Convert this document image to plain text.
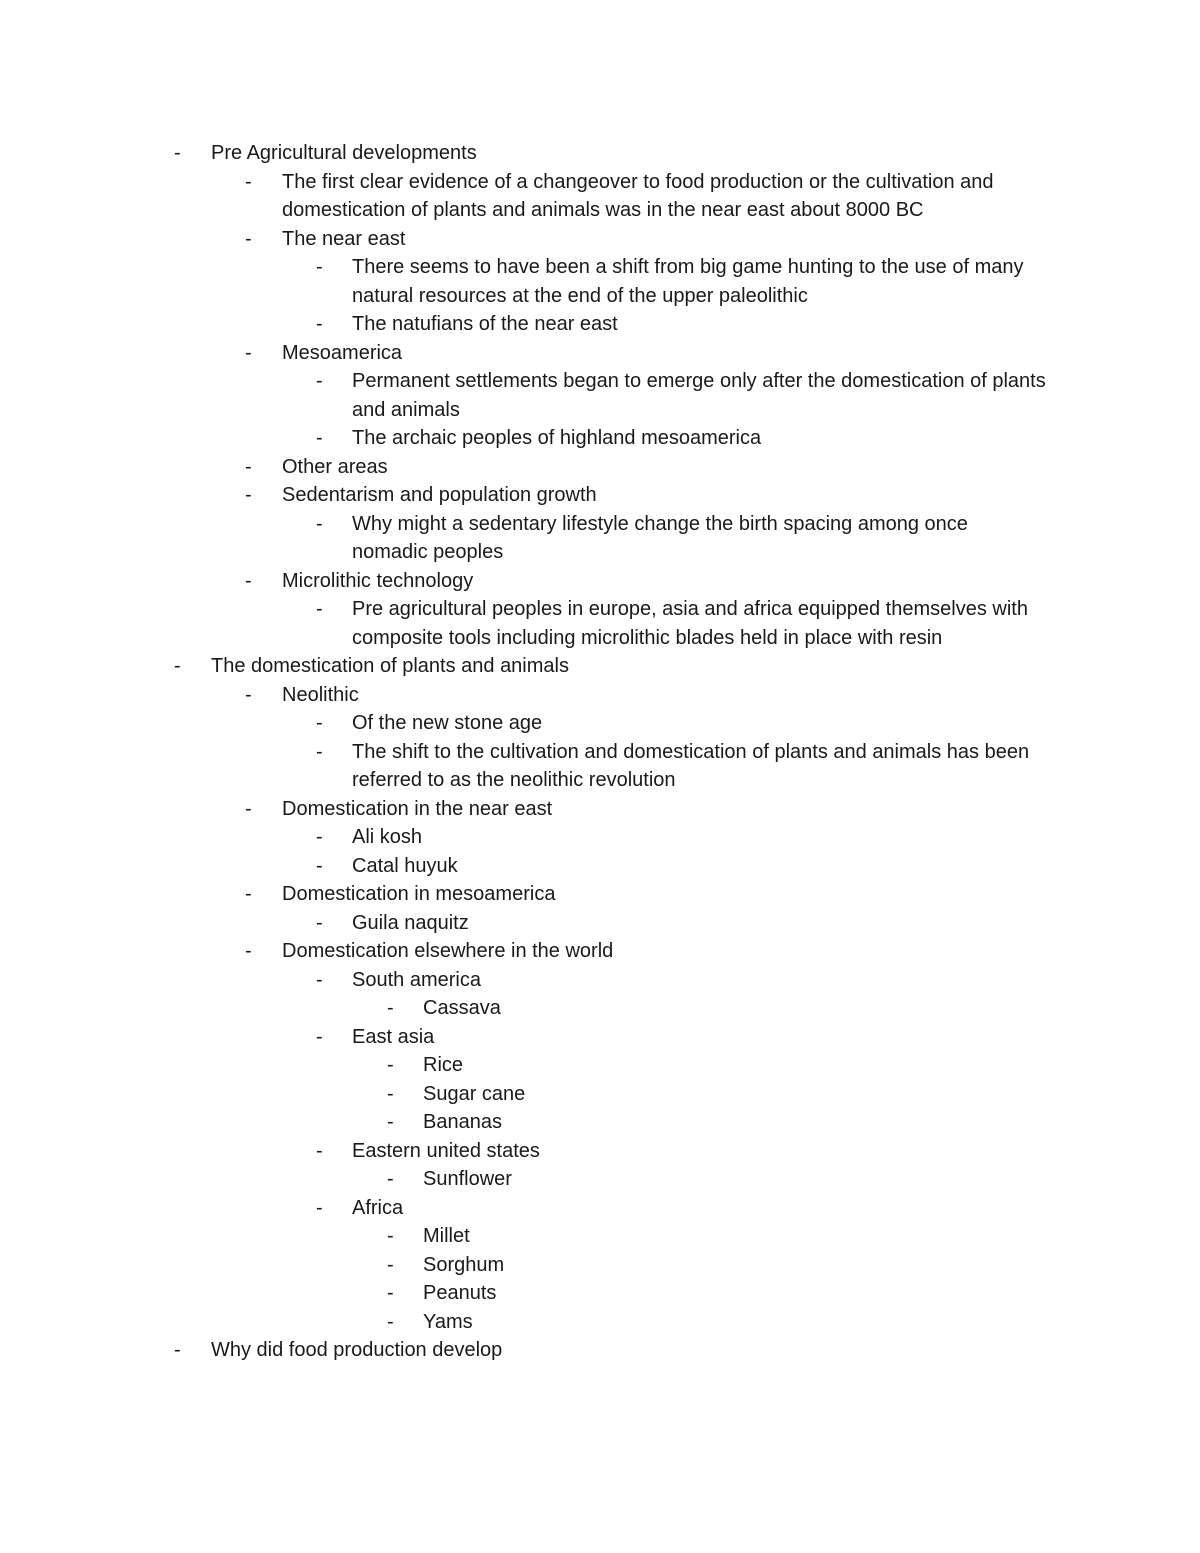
- Pre Agricultural developments
- The first clear evidence of a changeover to food production or the cultivation and domestication of plants and animals was in the near east about 8000 BC
- The near east
- There seems to have been a shift from big game hunting to the use of many natural resources at the end of the upper paleolithic
- The natufians of the near east
- Mesoamerica
- Permanent settlements began to emerge only after the domestication of plants and animals
- The archaic peoples of highland mesoamerica
- Other areas
- Sedentarism and population growth
- Why might a sedentary lifestyle change the birth spacing among once nomadic peoples
- Microlithic technology
- Pre agricultural peoples in europe, asia and africa equipped themselves with composite tools including microlithic blades held in place with resin
- The domestication of plants and animals
- Neolithic
- Of the new stone age
- The shift to the cultivation and domestication of plants and animals has been referred to as the neolithic revolution
- Domestication in the near east
- Ali kosh
- Catal huyuk
- Domestication in mesoamerica
- Guila naquitz
- Domestication elsewhere in the world
- South america
- Cassava
- East asia
- Rice
- Sugar cane
- Bananas
- Eastern united states
- Sunflower
- Africa
- Millet
- Sorghum
- Peanuts
- Yams
- Why did food production develop
